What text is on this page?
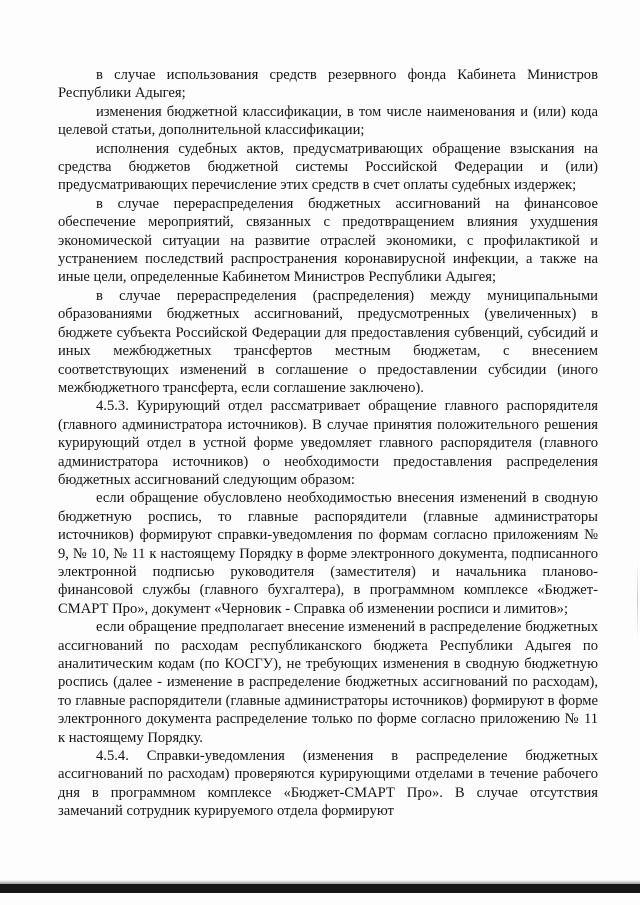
в случае использования средств резервного фонда Кабинета Министров Республики Адыгея;

изменения бюджетной классификации, в том числе наименования и (или) кода целевой статьи, дополнительной классификации;

исполнения судебных актов, предусматривающих обращение взыскания на средства бюджетов бюджетной системы Российской Федерации и (или) предусматривающих перечисление этих средств в счет оплаты судебных издержек;

в случае перераспределения бюджетных ассигнований на финансовое обеспечение мероприятий, связанных с предотвращением влияния ухудшения экономической ситуации на развитие отраслей экономики, с профилактикой и устранением последствий распространения коронавирусной инфекции, а также на иные цели, определенные Кабинетом Министров Республики Адыгея;

в случае перераспределения (распределения) между муниципальными образованиями бюджетных ассигнований, предусмотренных (увеличенных) в бюджете субъекта Российской Федерации для предоставления субвенций, субсидий и иных межбюджетных трансфертов местным бюджетам, с внесением соответствующих изменений в соглашение о предоставлении субсидии (иного межбюджетного трансферта, если соглашение заключено).

4.5.3. Курирующий отдел рассматривает обращение главного распорядителя (главного администратора источников). В случае принятия положительного решения курирующий отдел в устной форме уведомляет главного распорядителя (главного администратора источников) о необходимости предоставления распределения бюджетных ассигнований следующим образом:

если обращение обусловлено необходимостью внесения изменений в сводную бюджетную роспись, то главные распорядители (главные администраторы источников) формируют справки-уведомления по формам согласно приложениям № 9, № 10, № 11 к настоящему Порядку в форме электронного документа, подписанного электронной подписью руководителя (заместителя) и начальника планово-финансовой службы (главного бухгалтера), в программном комплексе «Бюджет-СМАРТ Про», документ «Черновик - Справка об изменении росписи и лимитов»;

если обращение предполагает внесение изменений в распределение бюджетных ассигнований по расходам республиканского бюджета Республики Адыгея по аналитическим кодам (по КОСГУ), не требующих изменения в сводную бюджетную роспись (далее - изменение в распределение бюджетных ассигнований по расходам), то главные распорядители (главные администраторы источников) формируют в форме электронного документа распределение только по форме согласно приложению № 11 к настоящему Порядку.

4.5.4. Справки-уведомления (изменения в распределение бюджетных ассигнований по расходам) проверяются курирующими отделами в течение рабочего дня в программном комплексе «Бюджет-СМАРТ Про». В случае отсутствия замечаний сотрудник курируемого отдела формируют
